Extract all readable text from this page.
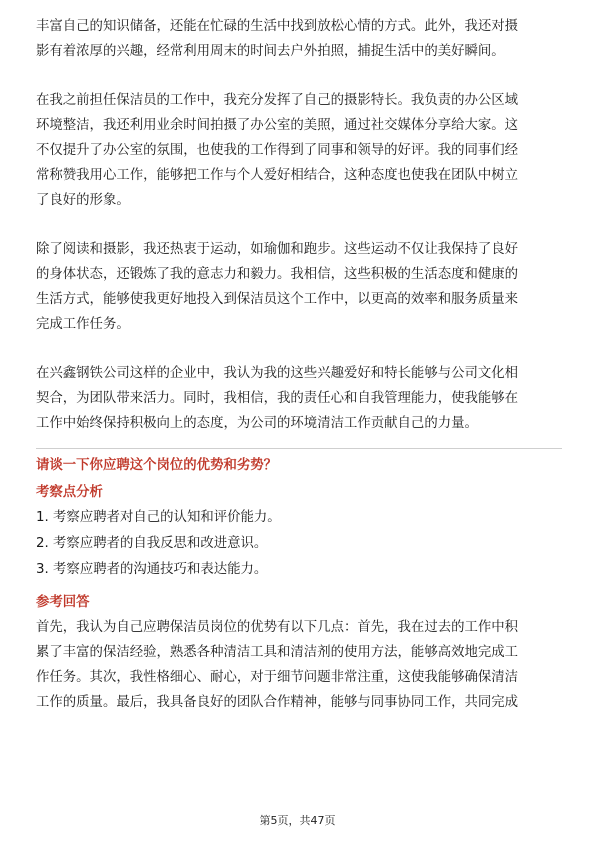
丰富自己的知识储备，还能在忙碌的生活中找到放松心情的方式。此外，我还对摄
影有着浓厚的兴趣，经常利用周末的时间去户外拍照，捕捉生活中的美好瞬间。

在我之前担任保洁员的工作中，我充分发挥了自己的摄影特长。我负责的办公区域
环境整洁，我还利用业余时间拍摄了办公室的美照，通过社交媒体分享给大家。这
不仅提升了办公室的氛围，也使我的工作得到了同事和领导的好评。我的同事们经
常称赞我用心工作，能够把工作与个人爱好相结合，这种态度也使我在团队中树立
了良好的形象。

除了阅读和摄影，我还热衷于运动，如瑜伽和跑步。这些运动不仅让我保持了良好
的身体状态，还锻炼了我的意志力和毅力。我相信，这些积极的生活态度和健康的
生活方式，能够使我更好地投入到保洁员这个工作中，以更高的效率和服务质量来
完成工作任务。

在兴鑫钢铁公司这样的企业中，我认为我的这些兴趣爱好和特长能够与公司文化相
契合，为团队带来活力。同时，我相信，我的责任心和自我管理能力，使我能够在
工作中始终保持积极向上的态度，为公司的环境清洁工作贡献自己的力量。

请谈一下你应聘这个岗位的优势和劣势？

考察点分析

1. 考察应聘者对自己的认知和评价能力。

2. 考察应聘者的自我反思和改进意识。

3. 考察应聘者的沟通技巧和表达能力。

参考回答

首先，我认为自己应聘保洁员岗位的优势有以下几点：首先，我在过去的工作中积
累了丰富的保洁经验，熟悉各种清洁工具和清洁剂的使用方法，能够高效地完成工
作任务。其次，我性格细心、耐心，对于细节问题非常注重，这使我能够确保清洁
工作的质量。最后，我具备良好的团队合作精神，能够与同事协同工作，共同完成

第5页，共47页
